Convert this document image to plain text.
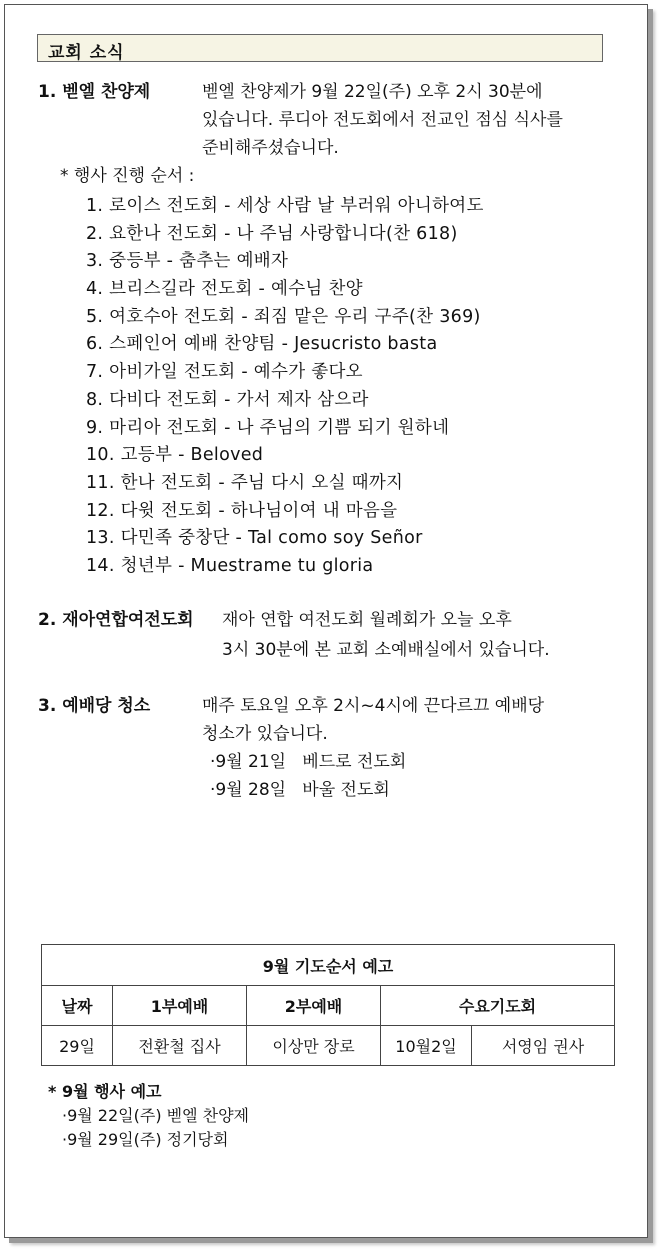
교회 소식
1. 벧엘 찬양제	벧엘 찬양제가 9월 22일(주) 오후 2시 30분에
있습니다. 루디아 전도회에서 전교인 점심 식사를
준비해주셨습니다.
* 행사 진행 순서 :
1. 로이스 전도회 - 세상 사람 날 부러워 아니하여도
2. 요한나 전도회 - 나 주님 사랑합니다(찬 618)
3. 중등부 - 춤추는 예배자
4. 브리스길라 전도회 - 예수님 찬양
5. 여호수아 전도회 - 죄짐 맡은 우리 구주(찬 369)
6. 스페인어 예배 찬양팀 - Jesucristo basta
7. 아비가일 전도회 - 예수가 좋다오
8. 다비다 전도회 - 가서 제자 삼으라
9. 마리아 전도회 - 나 주님의 기쁨 되기 원하네
10. 고등부 - Beloved
11. 한나 전도회 - 주님 다시 오실 때까지
12. 다윗 전도회 - 하나님이여 내 마음을
13. 다민족 중창단 - Tal como soy Señor
14. 청년부 - Muestrame tu gloria
2. 재아연합여전도회 재아 연합 여전도회 월례회가 오늘 오후
3시 30분에 본 교회 소예배실에서 있습니다.
3. 예배당 청소	매주 토요일 오후 2시~4시에 끈다르끄 예배당
청소가 있습니다.
·9월 21일   베드로 전도회
·9월 28일   바울 전도회
9월 기도순서 예고				
날짜	1부예배	2부예배	수요기도회	
29일	전환철 집사	이상만 장로	10월2일	서영임 권사
* 9월 행사 예고
·9월 22일(주) 벧엘 찬양제
·9월 29일(주) 정기당회
